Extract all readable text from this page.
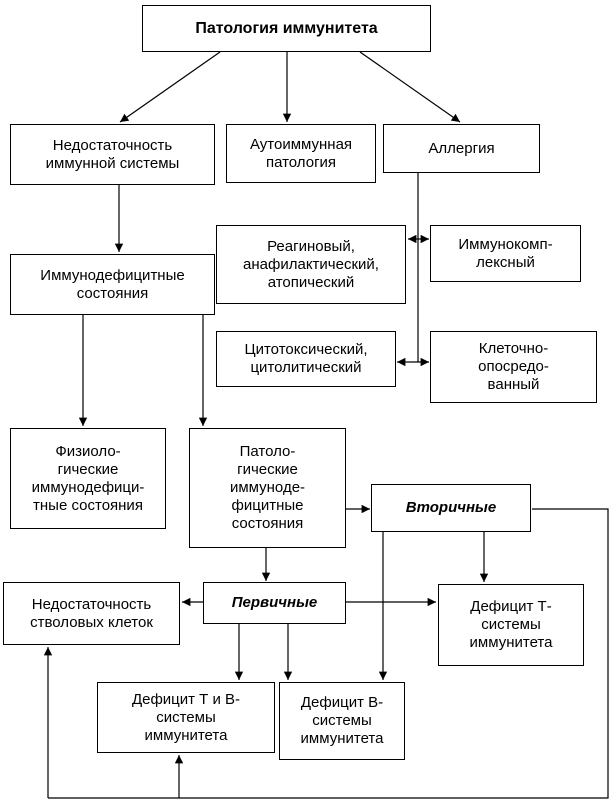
Патология иммунитета
Недостаточность
иммунной системы
Аутоиммунная
патология
Аллергия
Реагиновый,
анафилактический,
атопический
Иммунокомп-
лексный
Иммунодефицитные
состояния
Цитотоксический,
цитолитический
Клеточно-
опосредо-
ванный
Физиоло-
гические
иммунодефици-
тные состояния
Патоло-
гические
иммуноде-
фицитные
состояния
Вторичные
Недостаточность
стволовых клеток
Первичные	Дефицит Т-
системы
иммунитета
Дефицит Т и В-
системы
иммунитета
Дефицит В-
системы
иммунитета
